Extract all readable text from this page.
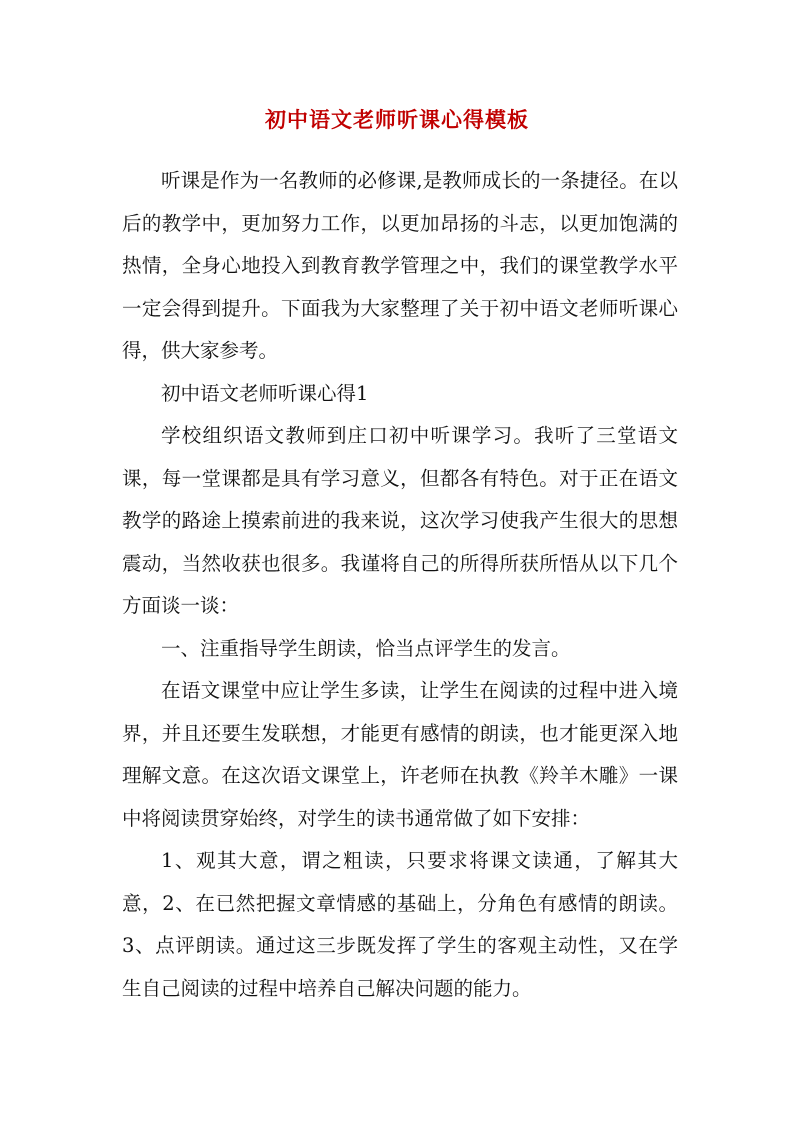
初中语文老师听课心得模板

听课是作为一名教师的必修课,是教师成长的一条捷径。在以后的教学中，更加努力工作，以更加昂扬的斗志，以更加饱满的热情，全身心地投入到教育教学管理之中，我们的课堂教学水平一定会得到提升。下面我为大家整理了关于初中语文老师听课心得，供大家参考。

初中语文老师听课心得1

学校组织语文教师到庄口初中听课学习。我听了三堂语文课，每一堂课都是具有学习意义，但都各有特色。对于正在语文教学的路途上摸索前进的我来说，这次学习使我产生很大的思想震动，当然收获也很多。我谨将自己的所得所获所悟从以下几个方面谈一谈：

一、注重指导学生朗读，恰当点评学生的发言。

在语文课堂中应让学生多读，让学生在阅读的过程中进入境界，并且还要生发联想，才能更有感情的朗读，也才能更深入地理解文意。在这次语文课堂上，许老师在执教《羚羊木雕》一课中将阅读贯穿始终，对学生的读书通常做了如下安排：

1、观其大意，谓之粗读，只要求将课文读通，了解其大意，2、在已然把握文章情感的基础上，分角色有感情的朗读。3、点评朗读。通过这三步既发挥了学生的客观主动性，又在学生自己阅读的过程中培养自己解决问题的能力。
